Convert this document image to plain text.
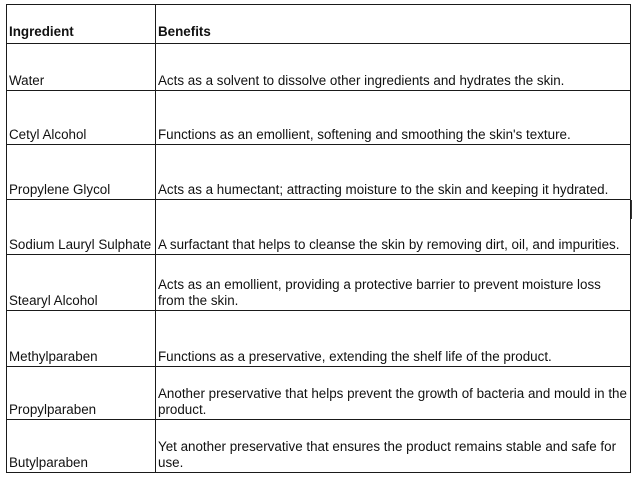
Ingredient	Benefits
Water	Acts as a solvent to dissolve other ingredients and hydrates the skin.
Cetyl Alcohol	Functions as an emollient, softening and smoothing the skin's texture.
Propylene Glycol	Acts as a humectant; attracting moisture to the skin and keeping it hydrated.
Sodium Lauryl Sulphate	A surfactant that helps to cleanse the skin by removing dirt, oil, and impurities.
Stearyl Alcohol	Acts as an emollient, providing a protective barrier to prevent moisture loss from the skin.
Methylparaben	Functions as a preservative, extending the shelf life of the product.
Propylparaben	Another preservative that helps prevent the growth of bacteria and mould in the product.
Butylparaben	Yet another preservative that ensures the product remains stable and safe for use.
